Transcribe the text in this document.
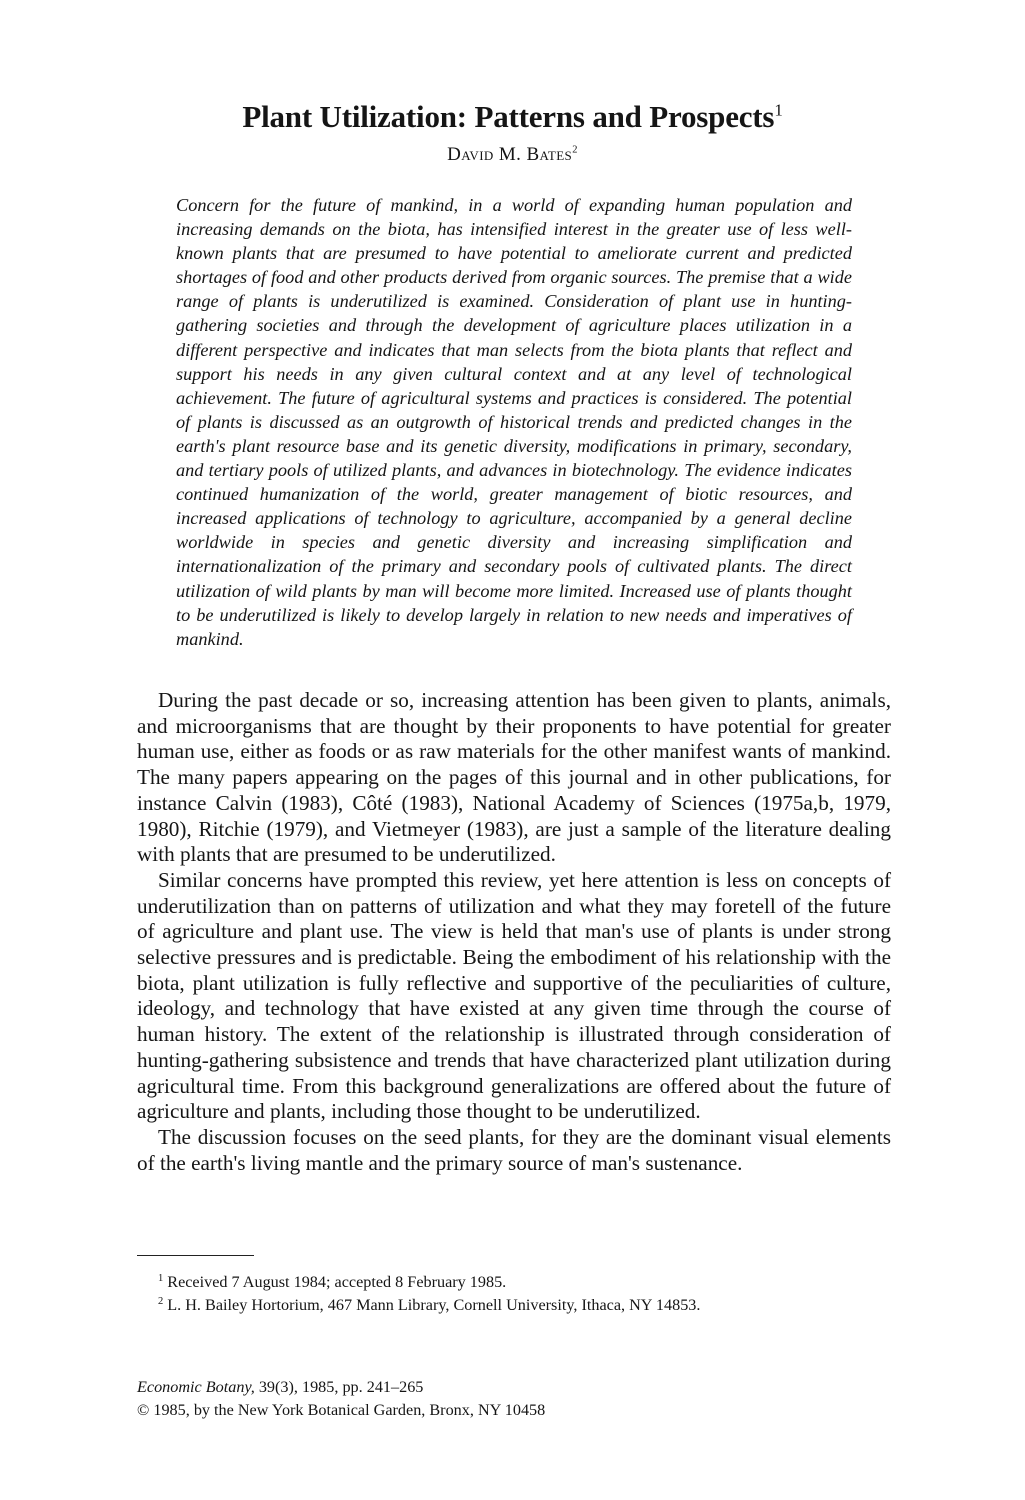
Plant Utilization: Patterns and Prospects$^1$
David M. Bates$^2$
Concern for the future of mankind, in a world of expanding human population and increasing demands on the biota, has intensified interest in the greater use of less well-known plants that are presumed to have potential to ameliorate current and predicted shortages of food and other products derived from organic sources. The premise that a wide range of plants is underutilized is examined. Consideration of plant use in hunting-gathering societies and through the development of agriculture places utilization in a different perspective and indicates that man selects from the biota plants that reflect and support his needs in any given cultural context and at any level of technological achievement. The future of agricultural systems and practices is considered. The potential of plants is discussed as an outgrowth of historical trends and predicted changes in the earth's plant resource base and its genetic diversity, modifications in primary, secondary, and tertiary pools of utilized plants, and advances in biotechnology. The evidence indicates continued humanization of the world, greater management of biotic resources, and increased applications of technology to agriculture, accompanied by a general decline worldwide in species and genetic diversity and increasing simplification and internationalization of the primary and secondary pools of cultivated plants. The direct utilization of wild plants by man will become more limited. Increased use of plants thought to be underutilized is likely to develop largely in relation to new needs and imperatives of mankind.

During the past decade or so, increasing attention has been given to plants, animals, and microorganisms that are thought by their proponents to have potential for greater human use, either as foods or as raw materials for the other manifest wants of mankind. The many papers appearing on the pages of this journal and in other publications, for instance Calvin (1983), Côté (1983), National Academy of Sciences (1975a,b, 1979, 1980), Ritchie (1979), and Vietmeyer (1983), are just a sample of the literature dealing with plants that are presumed to be underutilized.

Similar concerns have prompted this review, yet here attention is less on concepts of underutilization than on patterns of utilization and what they may foretell of the future of agriculture and plant use. The view is held that man's use of plants is under strong selective pressures and is predictable. Being the embodiment of his relationship with the biota, plant utilization is fully reflective and supportive of the peculiarities of culture, ideology, and technology that have existed at any given time through the course of human history. The extent of the relationship is illustrated through consideration of hunting-gathering subsistence and trends that have characterized plant utilization during agricultural time. From this background generalizations are offered about the future of agriculture and plants, including those thought to be underutilized.

The discussion focuses on the seed plants, for they are the dominant visual elements of the earth's living mantle and the primary source of man's sustenance.

$^1$ Received 7 August 1984; accepted 8 February 1985.
$^2$ L. H. Bailey Hortorium, 467 Mann Library, Cornell University, Ithaca, NY 14853.
Economic Botany, 39(3), 1985, pp. 241–265
© 1985, by the New York Botanical Garden, Bronx, NY 10458
